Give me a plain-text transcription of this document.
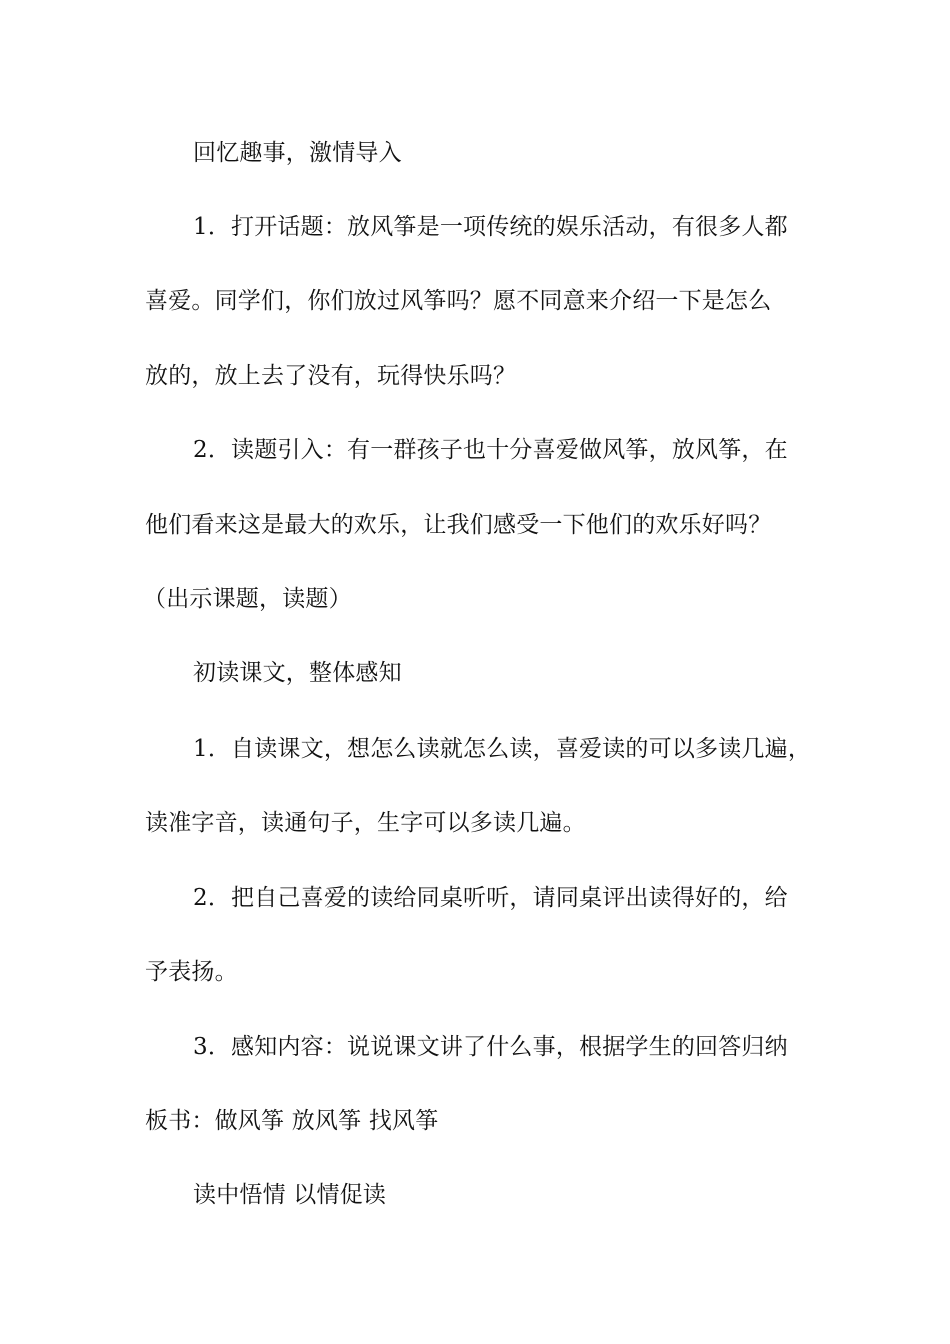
回忆趣事，激情导入
1．打开话题：放风筝是一项传统的娱乐活动，有很多人都
喜爱。同学们，你们放过风筝吗？愿不同意来介绍一下是怎么
放的，放上去了没有，玩得快乐吗？
2．读题引入：有一群孩子也十分喜爱做风筝，放风筝，在
他们看来这是最大的欢乐，让我们感受一下他们的欢乐好吗？
（出示课题，读题）
初读课文，整体感知
1．自读课文，想怎么读就怎么读，喜爱读的可以多读几遍，
读准字音，读通句子，生字可以多读几遍。
2．把自己喜爱的读给同桌听听，请同桌评出读得好的，给
予表扬。
3．感知内容：说说课文讲了什么事，根据学生的回答归纳
板书：做风筝 放风筝 找风筝
读中悟情 以情促读
